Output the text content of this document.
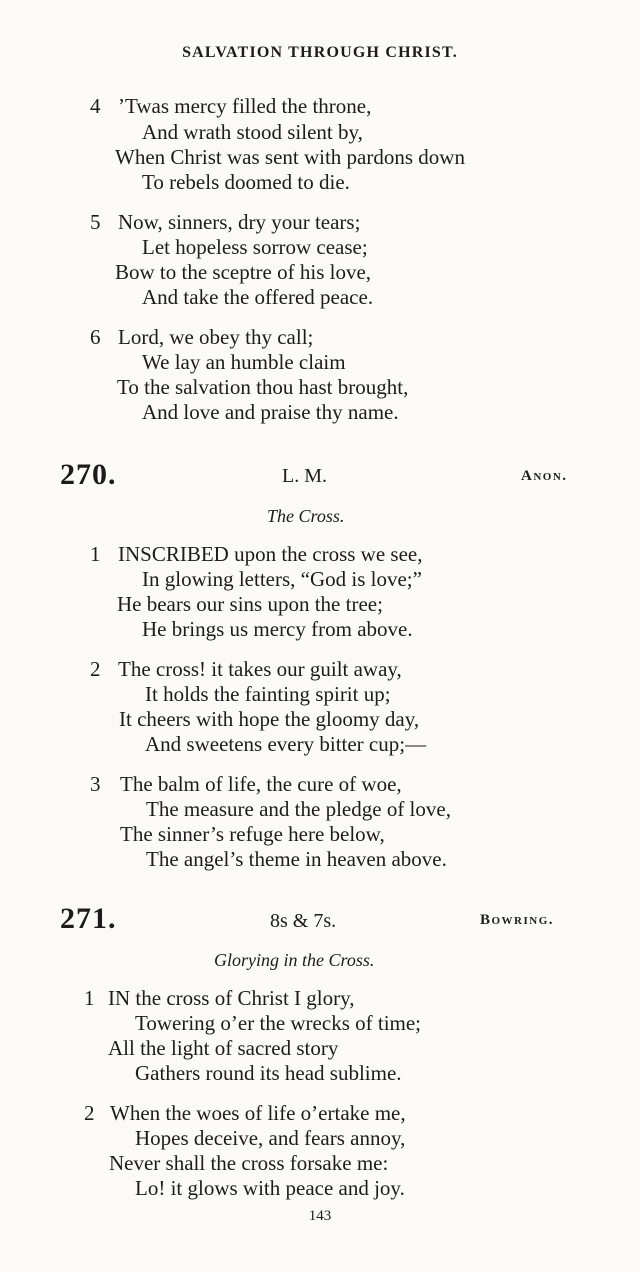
SALVATION THROUGH CHRIST.
4 ’Twas mercy filled the throne,
And wrath stood silent by,
When Christ was sent with pardons down
To rebels doomed to die.
5 Now, sinners, dry your tears;
Let hopeless sorrow cease;
Bow to the sceptre of his love,
And take the offered peace.
6 Lord, we obey thy call;
We lay an humble claim
To the salvation thou hast brought,
And love and praise thy name.
270.	L. M.	Anon.
The Cross.
1 INSCRIBED upon the cross we see,
In glowing letters, “God is love;”
He bears our sins upon the tree;
He brings us mercy from above.
2 The cross! it takes our guilt away,
It holds the fainting spirit up;
It cheers with hope the gloomy day,
And sweetens every bitter cup;—
3 The balm of life, the cure of woe,
The measure and the pledge of love,
The sinner’s refuge here below,
The angel’s theme in heaven above.
271.	8s & 7s.	Bowring.
Glorying in the Cross.
1 IN the cross of Christ I glory,
Towering o’er the wrecks of time;
All the light of sacred story
Gathers round its head sublime.
2 When the woes of life o’ertake me,
Hopes deceive, and fears annoy,
Never shall the cross forsake me:
Lo! it glows with peace and joy.
143
